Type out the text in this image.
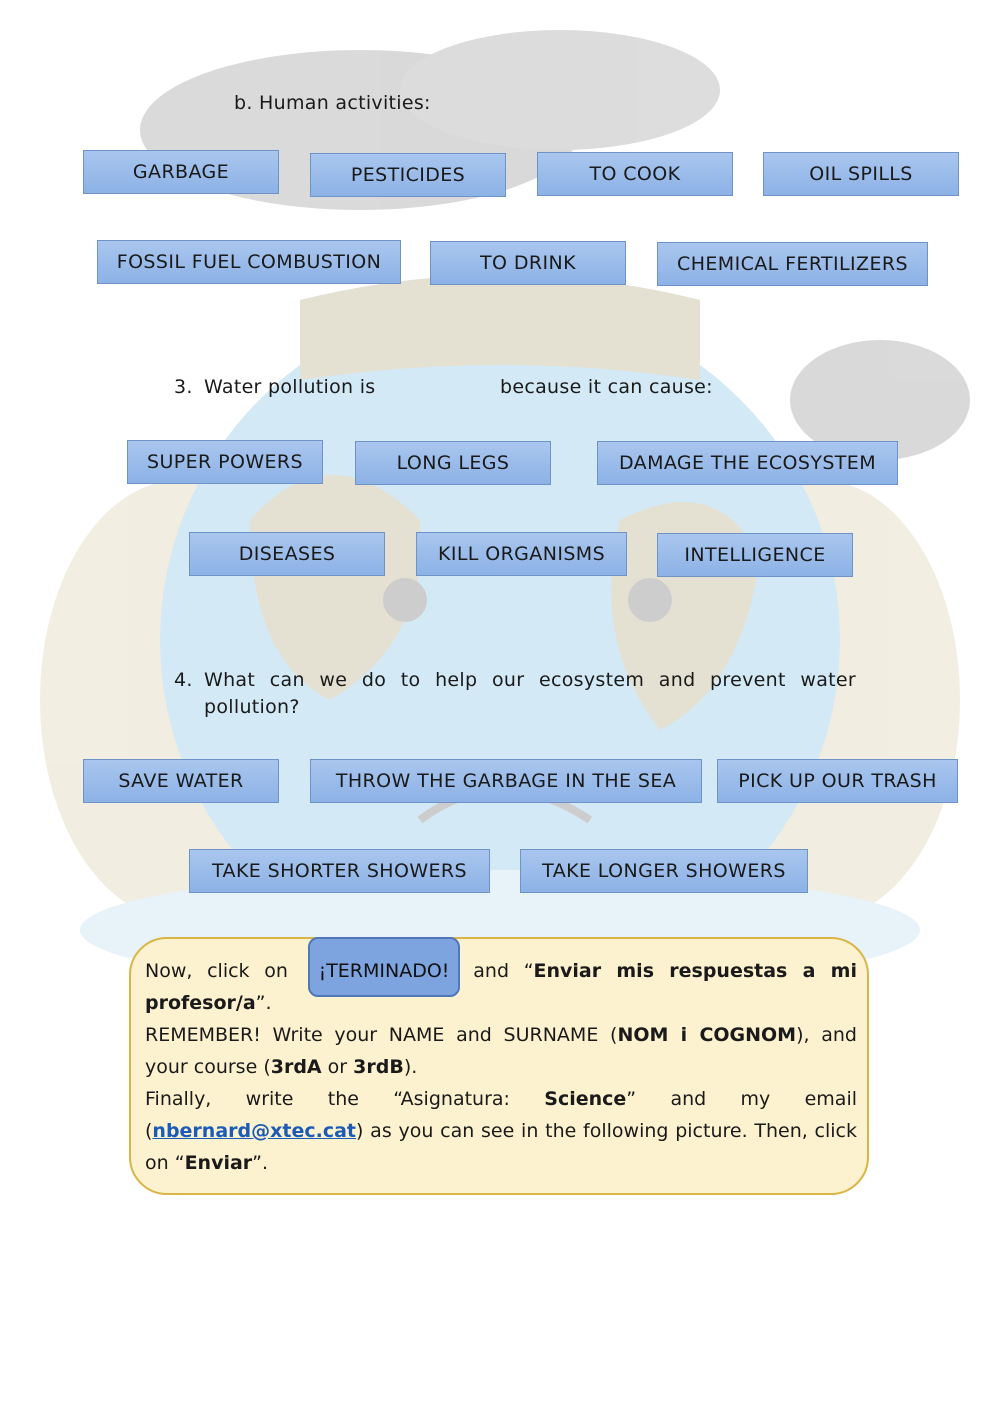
b. Human activities:
GARBAGE	PESTICIDES	TO COOK	OIL SPILLS
FOSSIL FUEL COMBUSTION	TO DRINK	CHEMICAL FERTILIZERS
3. Water pollution is	because it can cause:
SUPER POWERS	LONG LEGS	DAMAGE THE ECOSYSTEM
DISEASES	KILL ORGANISMS	INTELLIGENCE
4. What can we do to help our ecosystem and prevent water
pollution?
SAVE WATER	THROW THE GARBAGE IN THE SEA	PICK UP OUR TRASH
TAKE SHORTER SHOWERS	TAKE LONGER SHOWERS

Now, click on	and “Enviar mis respuestas a mi

profesor/a”.

REMEMBER! Write your NAME and SURNAME (NOM i COGNOM), and

your course (3rdA or 3rdB).

Finally, write the “Asignatura: Science” and my email

(nbernard@xtec.cat) as you can see in the following picture. Then, click

on “Enviar”.

¡TERMINADO!
